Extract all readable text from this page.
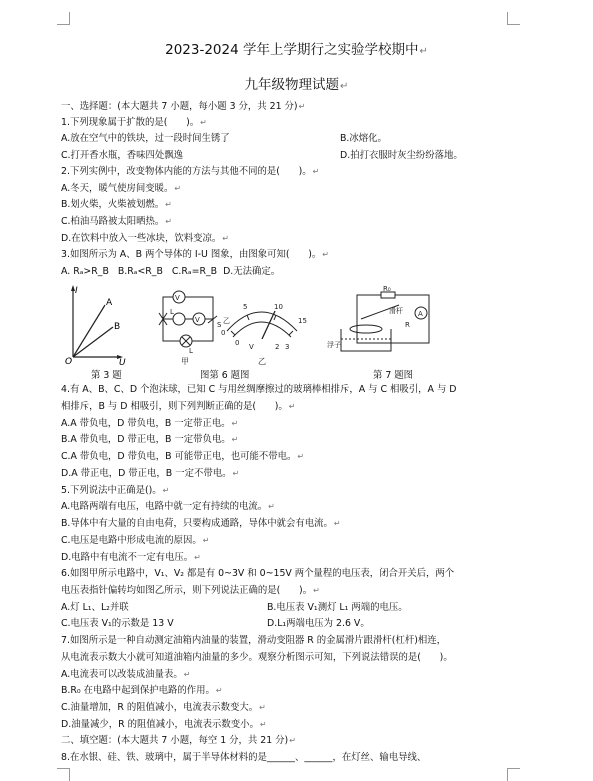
2023-2024 学年上学期行之实验学校期中↵
九年级物理试题↵
一、选择题：(本大题共 7 小题，每小题 3 分，共 21 分)↵
1.下列现象属于扩散的是(　　)。↵
A.放在空气中的铁块，过一段时间生锈了	B.冰熔化。
C.打开香水瓶，香味四处飘逸	D.拍打衣服时灰尘纷纷落地。
2.下列实例中，改变物体内能的方法与其他不同的是(　　)。↵
A.冬天，暖气使房间变暖。↵
B.划火柴，火柴被划燃。↵
C.柏油马路被太阳晒热。↵
D.在饮料中放入一些冰块，饮料变凉。↵
3.如图所示为 A、B 两个导体的 I-U 图象，由图象可知(　　)。↵
A. Rₐ>R_B B.Rₐ<R_B C.Rₐ=R_B D.无法确定。
I
A
B
O	U
V
V
L
L
S
甲
乙
0
5	10
15
0 V	2 3
乙
R₀
A
滑杆
R
浮子
第 3 题	图第 6 题图	第 7 题图
4.有 A、B、C、D 个泡沫球，已知 C 与用丝绸摩擦过的玻璃棒相排斥，A 与 C 相吸引，A 与 D
相排斥，B 与 D 相吸引，则下列判断正确的是(　　)。↵
A.A 带负电，D 带负电，B 一定带正电。↵
B.A 带负电，D 带正电，B 一定带负电。↵
C.A 带负电，D 带负电，B 可能带正电，也可能不带电。↵
D.A 带正电，D 带正电，B 一定不带电。↵
5.下列说法中正确是()。↵
A.电路两端有电压，电路中就一定有持续的电流。↵
B.导体中有大量的自由电荷，只要构成通路，导体中就会有电流。↵
C.电压是电路中形成电流的原因。↵
D.电路中有电流不一定有电压。↵
6.如图甲所示电路中，V₁、V₂ 都是有 0~3V 和 0~15V 两个量程的电压表，闭合开关后，两个
电压表指针偏转均如图乙所示，则下列说法正确的是(　　)。↵
A.灯 L₁、L₂并联	B.电压表 V₁测灯 L₁ 两端的电压。
C.电压表 V₁的示数是 13 V	D.L₁两端电压为 2.6 V。
7.如图所示是一种自动测定油箱内油量的装置，滑动变阻器 R 的金属滑片跟滑杆(杠杆)相连，
从电流表示数大小就可知道油箱内油量的多少。观察分析图示可知，下列说法错误的是(　　)。
A.电流表可以改装成油量表。↵
B.R₀ 在电路中起到保护电路的作用。↵
C.油量增加，R 的阻值减小，电流表示数变大。↵
D.油量减少，R 的阻值减小，电流表示数变小。↵
二、填空题：(本大题共 7 小题，每空 1 分，共 21 分)↵
8.在水银、硅、铁、玻璃中，属于半导体材料的是______、______，在灯丝、输电导线、
